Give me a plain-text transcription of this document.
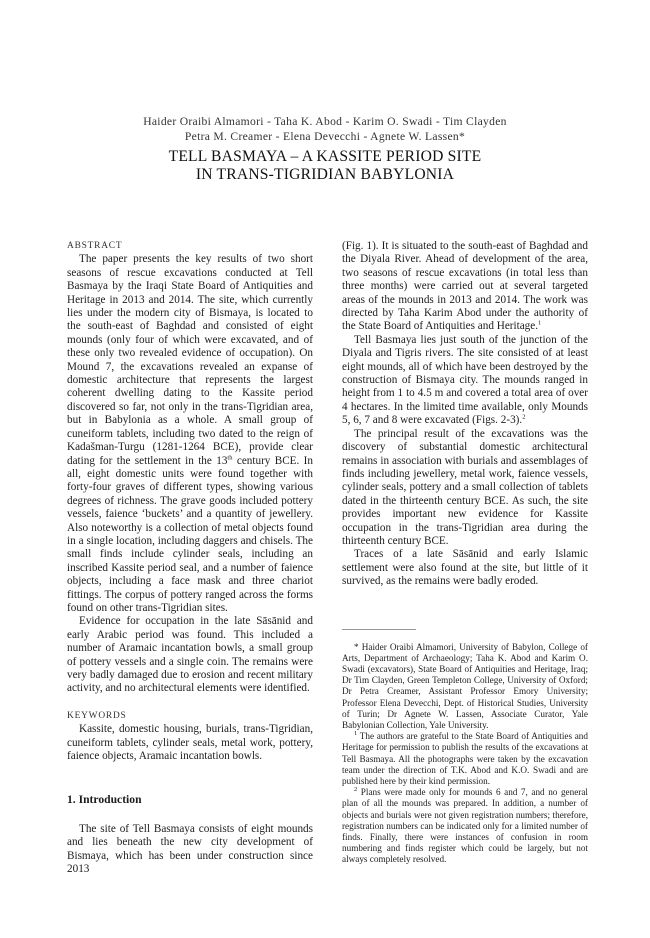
Haider Oraibi Almamori - Taha K. Abod - Karim O. Swadi - Tim Clayden
Petra M. Creamer - Elena Devecchi - Agnete W. Lassen*
TELL BASMAYA – A KASSITE PERIOD SITE
IN TRANS-TIGRIDIAN BABYLONIA

ABSTRACT

The paper presents the key results of two short seasons of rescue excavations conducted at Tell Basmaya by the Iraqi State Board of Antiquities and Heritage in 2013 and 2014. The site, which currently lies under the modern city of Bismaya, is located to the south-east of Baghdad and consisted of eight mounds (only four of which were excavated, and of these only two revealed evidence of occupation). On Mound 7, the excavations revealed an expanse of domestic architecture that represents the largest coherent dwelling dating to the Kassite period discovered so far, not only in the trans-Tigridian area, but in Babylonia as a whole. A small group of cuneiform tablets, including two dated to the reign of Kadašman-Turgu (1281-1264 BCE), provide clear dating for the settlement in the 13th century BCE. In all, eight domestic units were found together with forty-four graves of different types, showing various degrees of richness. The grave goods included pottery vessels, faience ‘buckets’ and a quantity of jewellery. Also noteworthy is a collection of metal objects found in a single location, including daggers and chisels. The small finds include cylinder seals, including an inscribed Kassite period seal, and a number of faience objects, including a face mask and three chariot fittings. The corpus of pottery ranged across the forms found on other trans-Tigridian sites.

Evidence for occupation in the late Sāsānid and early Arabic period was found. This included a number of Aramaic incantation bowls, a small group of pottery vessels and a single coin. The remains were very badly damaged due to erosion and recent military activity, and no architectural elements were identified.

KEYWORDS

Kassite, domestic housing, burials, trans-Tigridian, cuneiform tablets, cylinder seals, metal work, pottery, faience objects, Aramaic incantation bowls.

1. Introduction

The site of Tell Basmaya consists of eight mounds and lies beneath the new city development of Bismaya, which has been under construction since 2013

(Fig. 1). It is situated to the south-east of Baghdad and the Diyala River. Ahead of development of the area, two seasons of rescue excavations (in total less than three months) were carried out at several targeted areas of the mounds in 2013 and 2014. The work was directed by Taha Karim Abod under the authority of the State Board of Antiquities and Heritage.$^1$

Tell Basmaya lies just south of the junction of the Diyala and Tigris rivers. The site consisted of at least eight mounds, all of which have been destroyed by the construction of Bismaya city. The mounds ranged in height from 1 to 4.5 m and covered a total area of over 4 hectares. In the limited time available, only Mounds 5, 6, 7 and 8 were excavated (Figs. 2-3).$^2$

The principal result of the excavations was the discovery of substantial domestic architectural remains in association with burials and assemblages of finds including jewellery, metal work, faience vessels, cylinder seals, pottery and a small collection of tablets dated in the thirteenth century BCE. As such, the site provides important new evidence for Kassite occupation in the trans-Tigridian area during the thirteenth century BCE.

Traces of a late Sāsānid and early Islamic settlement were also found at the site, but little of it survived, as the remains were badly eroded.

* Haider Oraibi Almamori, University of Babylon, College of Arts, Department of Archaeology; Taha K. Abod and Karim O. Swadi (excavators), State Board of Antiquities and Heritage, Iraq; Dr Tim Clayden, Green Templeton College, University of Oxford; Dr Petra Creamer, Assistant Professor Emory University; Professor Elena Devecchi, Dept. of Historical Studies, University of Turin; Dr Agnete W. Lassen, Associate Curator, Yale Babylonian Collection, Yale University.

$^1$ The authors are grateful to the State Board of Antiquities and Heritage for permission to publish the results of the excavations at Tell Basmaya. All the photographs were taken by the excavation team under the direction of T.K. Abod and K.O. Swadi and are published here by their kind permission.

$^2$ Plans were made only for mounds 6 and 7, and no general plan of all the mounds was prepared. In addition, a number of objects and burials were not given registration numbers; therefore, registration numbers can be indicated only for a limited number of finds. Finally, there were instances of confusion in room numbering and finds register which could be largely, but not always completely resolved.
